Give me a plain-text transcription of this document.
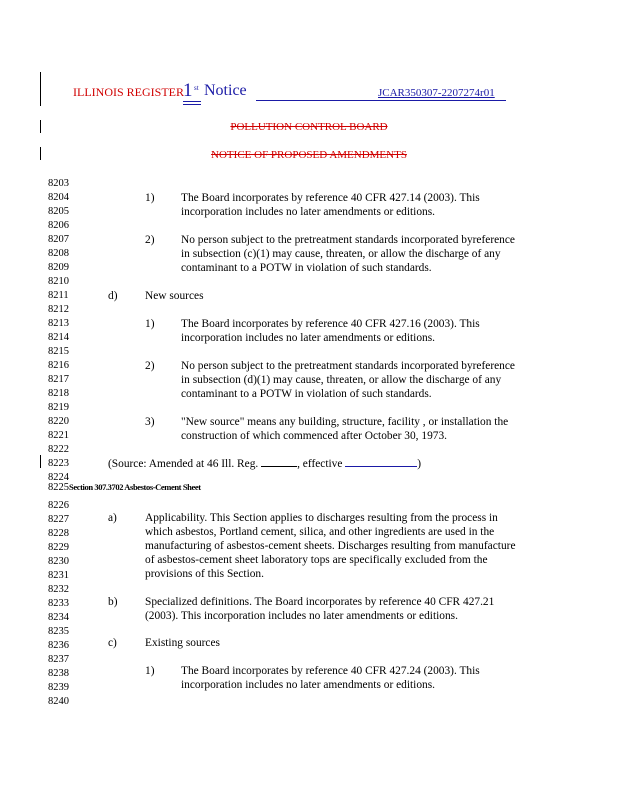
ILLINOIS REGISTER 1 st Notice	JCAR350307-2207274r01
POLLUTION CONTROL BOARD
NOTICE OF PROPOSED AMENDMENTS
8203
8204
8205
8206
8207
8208
8209
8210
8211
8212
8213
8214
8215
8216
8217
8218
8219
8220
8221
8222
8223
8224
8226
8227
8228
8229
8230
8231
8232
8233
8234
8235
8236
8237
8238
8239
8240
1) The Board incorporates by reference 40 CFR 427.14 (2003). This
incorporation includes no later amendments or editions.
2) No person subject to the pretreatment standards incorporated byreference
in subsection (c)(1) may cause, threaten, or allow the discharge of any
contaminant to a POTW in violation of such standards.
d) New sources
1) The Board incorporates by reference 40 CFR 427.16 (2003). This
incorporation includes no later amendments or editions.
2) No person subject to the pretreatment standards incorporated byreference
in subsection (d)(1) may cause, threaten, or allow the discharge of any
contaminant to a POTW in violation of such standards.
3) "New source" means any building, structure, facility , or installation the
construction of which commenced after October 30, 1973.
(Source: Amended at 46 Ill. Reg.	, effective	)
8225Section 307.3702 Asbestos-Cement Sheet
a) Applicability. This Section applies to discharges resulting from the process in
which asbestos, Portland cement, silica, and other ingredients are used in the
manufacturing of asbestos-cement sheets. Discharges resulting from manufacture
of asbestos-cement sheet laboratory tops are specifically excluded from the
provisions of this Section.
b) Specialized definitions. The Board incorporates by reference 40 CFR 427.21
(2003). This incorporation includes no later amendments or editions.
c) Existing sources
1) The Board incorporates by reference 40 CFR 427.24 (2003). This
incorporation includes no later amendments or editions.
